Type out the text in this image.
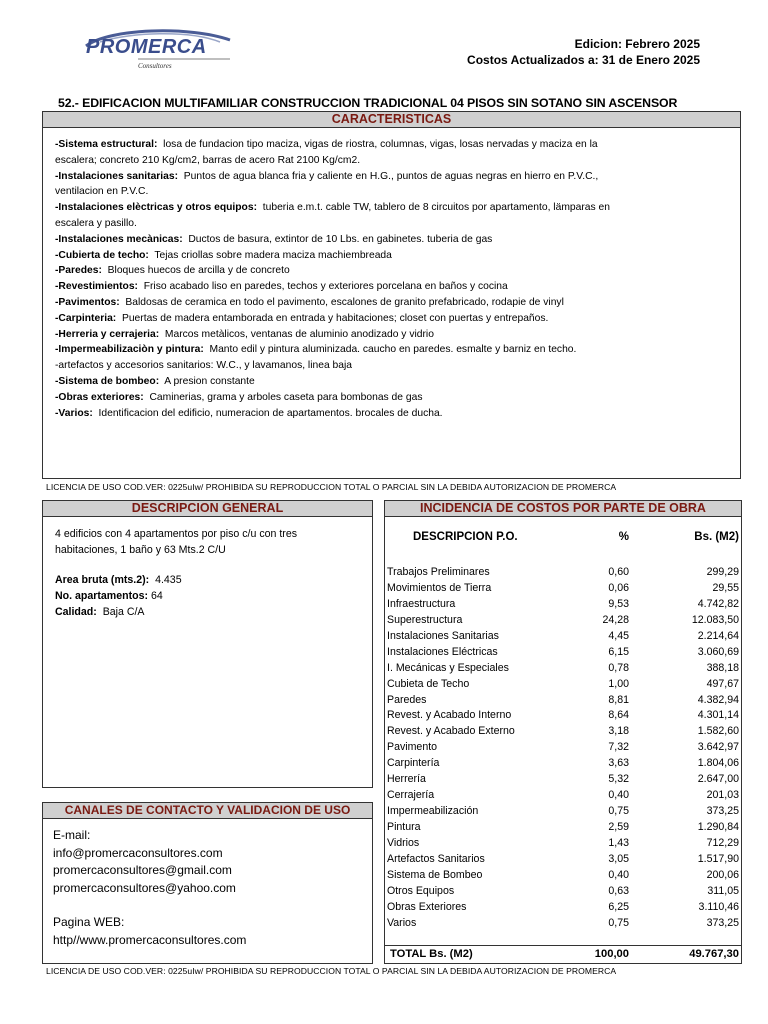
PROMERCA
Consultores
Edicion: Febrero 2025
Costos Actualizados a: 31 de Enero 2025
52.- EDIFICACION MULTIFAMILIAR CONSTRUCCION TRADICIONAL 04 PISOS SIN SOTANO SIN ASCENSOR
CARACTERISTICAS
-Sistema estructural: losa de fundacion tipo maciza, vigas de riostra, columnas, vigas, losas nervadas y maciza en la
escalera; concreto 210 Kg/cm2, barras de acero Rat 2100 Kg/cm2.
-Instalaciones sanitarias: Puntos de agua blanca fria y caliente en H.G., puntos de aguas negras en hierro en P.V.C.,
ventilacion en P.V.C.
-Instalaciones elèctricas y otros equipos: tuberia e.m.t. cable TW, tablero de 8 circuitos por apartamento, lämparas en
escalera y pasillo.
-Instalaciones mecànicas: Ductos de basura, extintor de 10 Lbs. en gabinetes. tuberia de gas
-Cubierta de techo: Tejas criollas sobre madera maciza machiembreada
-Paredes: Bloques huecos de arcilla y de concreto
-Revestimientos: Friso acabado liso en paredes, techos y exteriores porcelana en baños y cocina
-Pavimentos: Baldosas de ceramica en todo el pavimento, escalones de granito prefabricado, rodapie de vinyl
-Carpinteria: Puertas de madera entamborada en entrada y habitaciones; closet con puertas y entrepaños.
-Herreria y cerrajeria: Marcos metàlicos, ventanas de aluminio anodizado y vidrio
-Impermeabilizaciòn y pintura: Manto edil y pintura aluminizada. caucho en paredes. esmalte y barniz en techo.
-artefactos y accesorios sanitarios: W.C., y lavamanos, linea baja
-Sistema de bombeo: A presion constante
-Obras exteriores: Caminerias, grama y arboles caseta para bombonas de gas
-Varios: Identificacion del edificio, numeracion de apartamentos. brocales de ducha.
LICENCIA DE USO COD.VER: 0225uIw/ PROHIBIDA SU REPRODUCCION TOTAL O PARCIAL SIN LA DEBIDA AUTORIZACION DE PROMERCA
DESCRIPCION GENERAL
4 edificios con 4 apartamentos por piso c/u con tres
habitaciones, 1 baño y 63 Mts.2 C/U
Area bruta (mts.2): 4.435
No. apartamentos: 64
Calidad: Baja C/A
CANALES DE CONTACTO Y VALIDACION DE USO
E-mail:
info@promercaconsultores.com
promercaconsultores@gmail.com
promercaconsultores@yahoo.com
Pagina WEB:
http//www.promercaconsultores.com
INCIDENCIA DE COSTOS POR PARTE DE OBRA
DESCRIPCION P.O.	%	Bs. (M2)
Trabajos Preliminares	0,60	299,29
Movimientos de Tierra	0,06	29,55
Infraestructura	9,53	4.742,82
Superestructura	24,28	12.083,50
Instalaciones Sanitarias	4,45	2.214,64
Instalaciones Eléctricas	6,15	3.060,69
I. Mecánicas y Especiales	0,78	388,18
Cubieta de Techo	1,00	497,67
Paredes	8,81	4.382,94
Revest. y Acabado Interno	8,64	4.301,14
Revest. y Acabado Externo	3,18	1.582,60
Pavimento	7,32	3.642,97
Carpintería	3,63	1.804,06
Herrería	5,32	2.647,00
Cerrajería	0,40	201,03
Impermeabilización	0,75	373,25
Pintura	2,59	1.290,84
Vidrios	1,43	712,29
Artefactos Sanitarios	3,05	1.517,90
Sistema de Bombeo	0,40	200,06
Otros Equipos	0,63	311,05
Obras Exteriores	6,25	3.110,46
Varios	0,75	373,25
TOTAL Bs. (M2)	100,00	49.767,30
LICENCIA DE USO COD.VER: 0225uIw/ PROHIBIDA SU REPRODUCCION TOTAL O PARCIAL SIN LA DEBIDA AUTORIZACION DE PROMERCA
